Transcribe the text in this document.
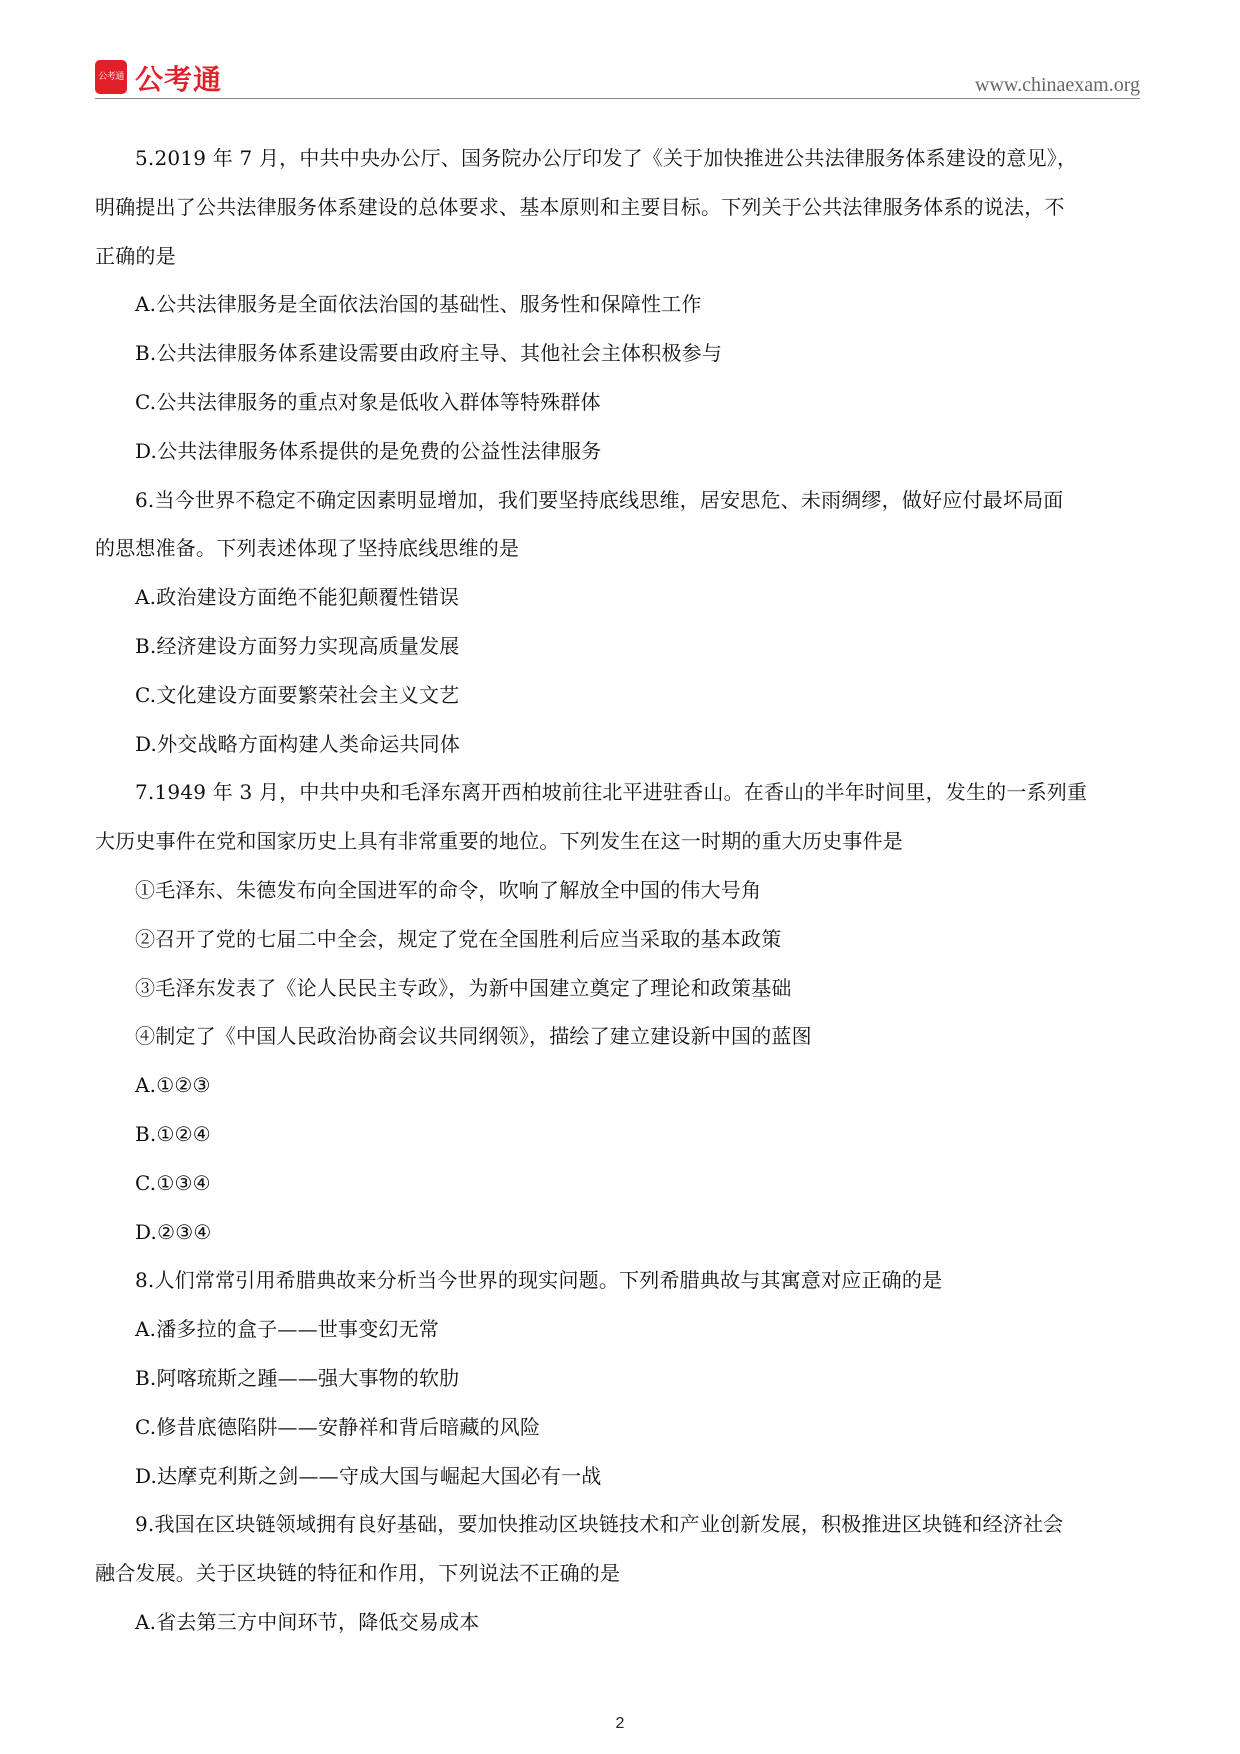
公考通 公考通	www.chinaexam.org
5.2019 年 7 月，中共中央办公厅、国务院办公厅印发了《关于加快推进公共法律服务体系建设的意见》，
明确提出了公共法律服务体系建设的总体要求、基本原则和主要目标。下列关于公共法律服务体系的说法，不
正确的是
A.公共法律服务是全面依法治国的基础性、服务性和保障性工作
B.公共法律服务体系建设需要由政府主导、其他社会主体积极参与
C.公共法律服务的重点对象是低收入群体等特殊群体
D.公共法律服务体系提供的是免费的公益性法律服务
6.当今世界不稳定不确定因素明显增加，我们要坚持底线思维，居安思危、未雨绸缪，做好应付最坏局面
的思想准备。下列表述体现了坚持底线思维的是
A.政治建设方面绝不能犯颠覆性错误
B.经济建设方面努力实现高质量发展
C.文化建设方面要繁荣社会主义文艺
D.外交战略方面构建人类命运共同体
7.1949 年 3 月，中共中央和毛泽东离开西柏坡前往北平进驻香山。在香山的半年时间里，发生的一系列重
大历史事件在党和国家历史上具有非常重要的地位。下列发生在这一时期的重大历史事件是
①毛泽东、朱德发布向全国进军的命令，吹响了解放全中国的伟大号角
②召开了党的七届二中全会，规定了党在全国胜利后应当采取的基本政策
③毛泽东发表了《论人民民主专政》，为新中国建立奠定了理论和政策基础
④制定了《中国人民政治协商会议共同纲领》，描绘了建立建设新中国的蓝图
A.①②③
B.①②④
C.①③④
D.②③④
8.人们常常引用希腊典故来分析当今世界的现实问题。下列希腊典故与其寓意对应正确的是
A.潘多拉的盒子——世事变幻无常
B.阿喀琉斯之踵——强大事物的软肋
C.修昔底德陷阱——安静祥和背后暗藏的风险
D.达摩克利斯之剑——守成大国与崛起大国必有一战
9.我国在区块链领域拥有良好基础，要加快推动区块链技术和产业创新发展，积极推进区块链和经济社会
融合发展。关于区块链的特征和作用，下列说法不正确的是
A.省去第三方中间环节，降低交易成本
2
